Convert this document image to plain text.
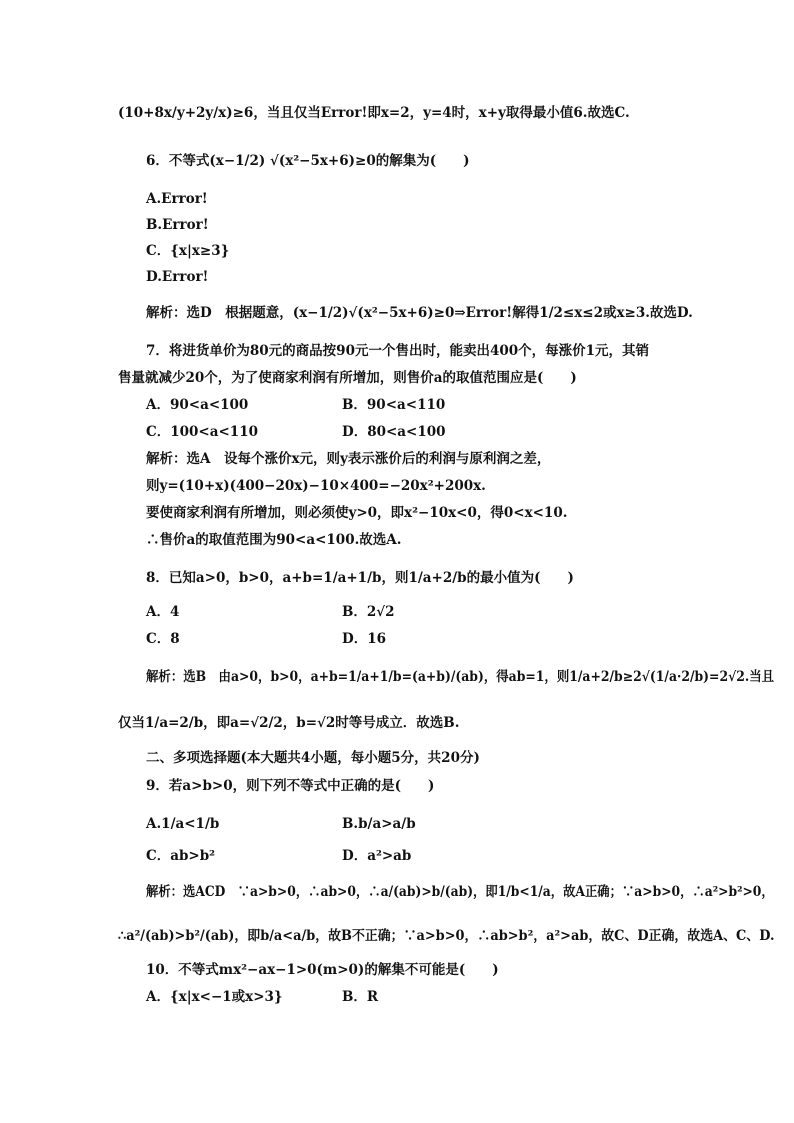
(10+8x/y+2y/x)≥6，当且仅当Error!即x=2，y=4时，x+y取得最小值6.故选C.
6．不等式(x−1/2) √(x²−5x+6)≥0的解集为(　　)
A.Error!
B.Error!
C．{x|x≥3}
D.Error!
解析：选D　根据题意，(x−1/2)√(x²−5x+6)≥0⇒Error!解得1/2≤x≤2或x≥3.故选D.
7．将进货单价为80元的商品按90元一个售出时，能卖出400个，每涨价1元，其销
售量就减少20个，为了使商家利润有所增加，则售价a的取值范围应是(　　)
A．90<a<100	B．90<a<110
C．100<a<110	D．80<a<100
解析：选A　设每个涨价x元，则y表示涨价后的利润与原利润之差，
则y=(10+x)(400−20x)−10×400=−20x²+200x.
要使商家利润有所增加，则必须使y>0，即x²−10x<0，得0<x<10.
∴售价a的取值范围为90<a<100.故选A.
8．已知a>0，b>0，a+b=1/a+1/b，则1/a+2/b的最小值为(　　)
A．4	B．2√2
C．8	D．16
解析：选B　由a>0，b>0，a+b=1/a+1/b=(a+b)/(ab)，得ab=1，则1/a+2/b≥2√(1/a·2/b)=2√2.当且
仅当1/a=2/b，即a=√2/2，b=√2时等号成立．故选B.
二、多项选择题(本大题共4小题，每小题5分，共20分)
9．若a>b>0，则下列不等式中正确的是(　　)
A.1/a<1/b	B.b/a>a/b
C．ab>b²	D．a²>ab
解析：选ACD　∵a>b>0，∴ab>0，∴a/(ab)>b/(ab)，即1/b<1/a，故A正确；∵a>b>0，∴a²>b²>0，
∴a²/(ab)>b²/(ab)，即b/a<a/b，故B不正确；∵a>b>0，∴ab>b²，a²>ab，故C、D正确，故选A、C、D.
10．不等式mx²−ax−1>0(m>0)的解集不可能是(　　)
A．{x|x<−1或x>3}	B．R
